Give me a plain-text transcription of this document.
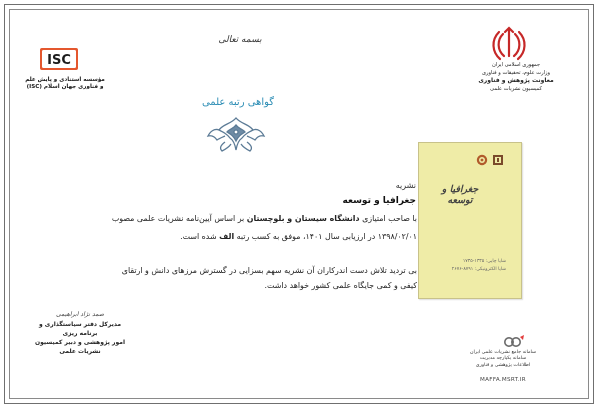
ISC
مؤسسه استنادی و پایش علم و فناوری جهان اسلام (ISC)
بسمه تعالی
گواهی رتبه علمی
جمهوری اسلامی ایران
وزارت علوم، تحقیقات و فناوری
معاونت پژوهش و فناوری
کمیسیون نشریات علمی
جغرافیا و توسعه
شاپا چاپی: ۱۳۳۵-۱۷۳۵
شاپا الکترونیکی: ۸۷۹۱-۲۶۷۶
نشریه
جغرافیا و توسعه
با صاحب امتیازی دانشگاه سیستان و بلوچستان بر اساس آیین‌نامه نشریات علمی مصوب
۱۳۹۸/۰۲/۰۱ در ارزیابی سال ۱۴۰۱، موفق به کسب رتبه الف شده است.
بی تردید تلاش دست اندرکاران آن نشریه سهم بسزایی در گسترش مرزهای دانش و ارتقای
کیفی و کمی جایگاه علمی کشور خواهد داشت.
صمد نژاد ابراهیمی
مدیرکل دفتر سیاستگذاری و برنامه ریزی
امور پژوهشی و دبیر کمیسیون
نشریات علمی	سامانه جامع نشریات علمی ایران
سامانه یکپارچه مدیریت
اطلاعات پژوهشی و فناوری
MAFFA.MSRT.IR
